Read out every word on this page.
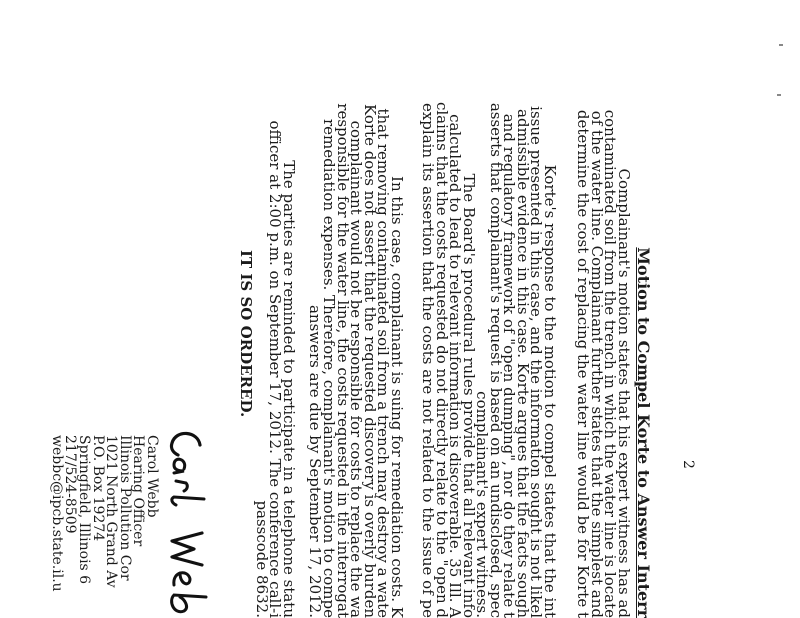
2
Motion to Compel Korte to Answer Interr
Complainant's motion states that his expert witness has ad
contaminated soil from the trench in which the water line is locate
of the water line. Complainant further states that the simplest and
determine the cost of replacing the water line would be for Korte t
Korte's response to the motion to compel states that the int
issue presented in this case, and the information sought is not likel
admissible evidence in this case. Korte argues that the facts sough
and regulatory framework of "open dumping", nor do they relate t
asserts that complainant's request is based on an undisclosed, spec
complainant's expert witness.
The Board's procedural rules provide that all relevant info
calculated to lead to relevant information is discoverable. 35 Ill. A
claims that the costs requested do not directly relate to the "open d
explain its assertion that the costs are not related to the issue of pe
In this case, complainant is suing for remediation costs. K
that removing contaminated soil from a trench may destroy a wate
Korte does not assert that the requested discovery is overly burden
complainant would not be responsible for costs to replace the wa
responsible for the water line, the costs requested in the interrogat
remediation expenses. Therefore, complainant's motion to compe
answers are due by September 17, 2012.
The parties are reminded to participate in a telephone statu
officer at 2:00 p.m. on September 17, 2012. The conference call-i
passcode 8632.
IT IS SO ORDERED.
Carol Webb
Hearing Officer
Illinois Pollution Cor
1021 North Grand Av
P.O. Box 19274
Springfield, Illinois 6
217/524-8509
webbc@ipcb.state.il.u
